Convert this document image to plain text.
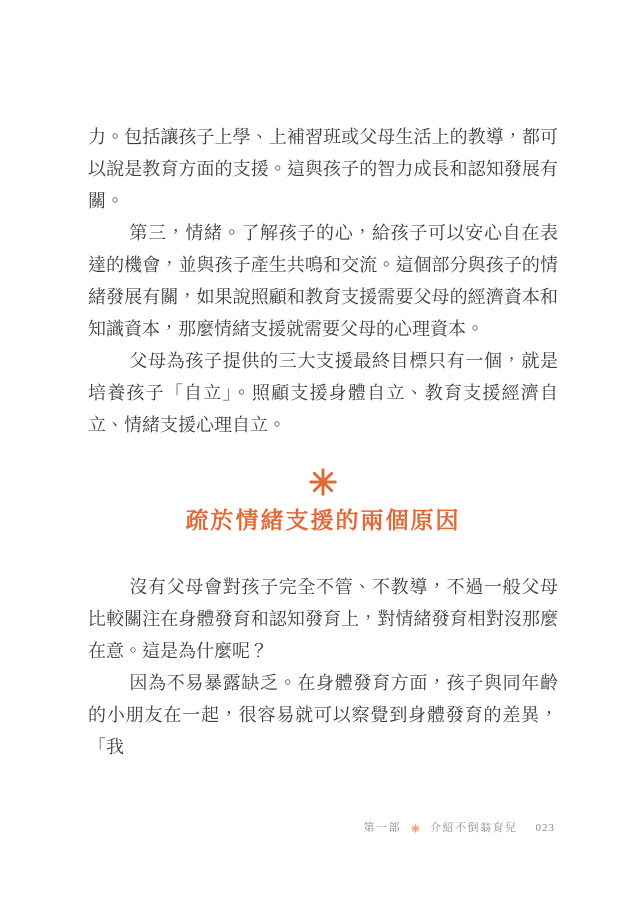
力。包括讓孩子上學、上補習班或父母生活上的教導，都可以說是教育方面的支援。這與孩子的智力成長和認知發展有關。

第三，情緒。了解孩子的心，給孩子可以安心自在表達的機會，並與孩子產生共鳴和交流。這個部分與孩子的情緒發展有關，如果說照顧和教育支援需要父母的經濟資本和知識資本，那麼情緒支援就需要父母的心理資本。

父母為孩子提供的三大支援最終目標只有一個，就是培養孩子「自立」。照顧支援身體自立、教育支援經濟自立、情緒支援心理自立。

疏於情緒支援的兩個原因

沒有父母會對孩子完全不管、不教導，不過一般父母比較關注在身體發育和認知發育上，對情緒發育相對沒那麼在意。這是為什麼呢？

因為不易暴露缺乏。在身體發育方面，孩子與同年齡的小朋友在一起，很容易就可以察覺到身體發育的差異，「我

第一部	介紹不倒翁育兒 023
